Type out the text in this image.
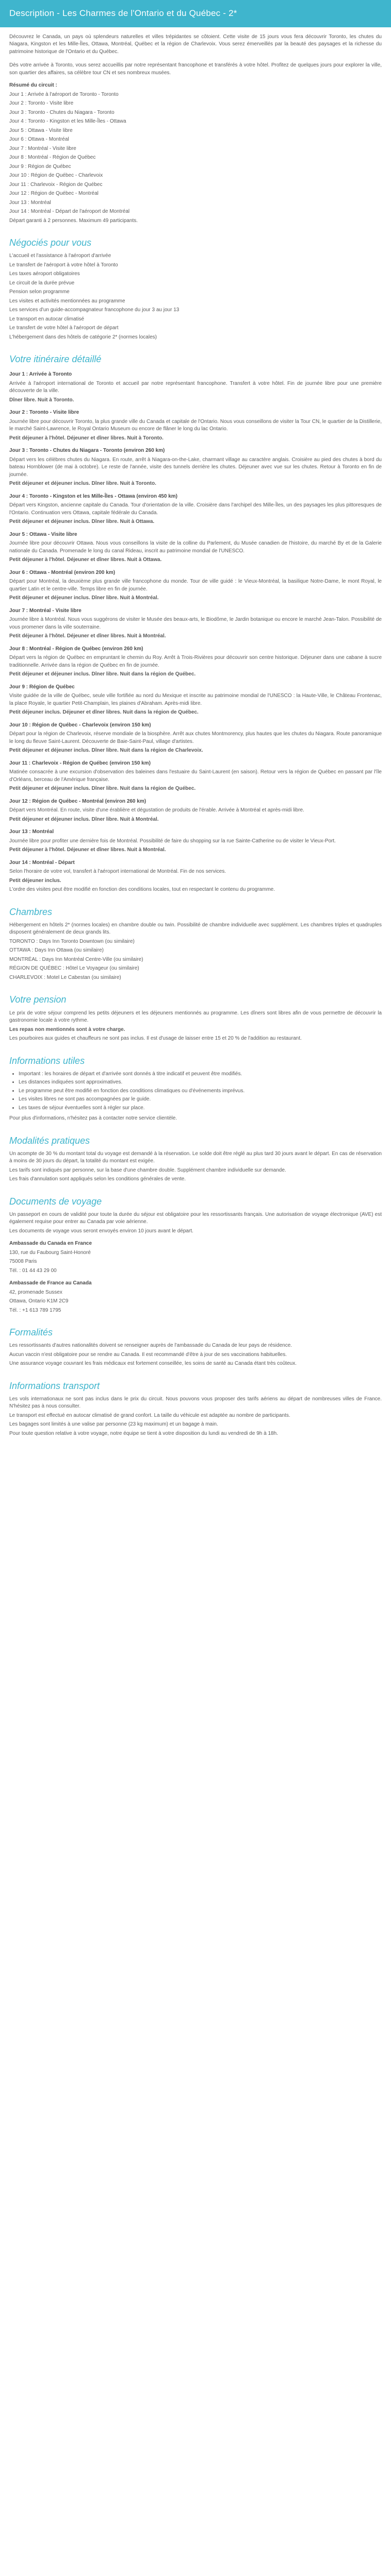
Description - Les Charmes de l'Ontario et du Québec - 2*

Découvrez le Canada, un pays où splendeurs naturelles et villes trépidantes se côtoient. Cette visite de 15 jours vous fera découvrir Toronto, les chutes du Niagara, Kingston et les Mille-Îles, Ottawa, Montréal, Québec et la région de Charlevoix. Vous serez émerveillés par la beauté des paysages et la richesse du patrimoine historique de l'Ontario et du Québec.

Dès votre arrivée à Toronto, vous serez accueillis par notre représentant francophone et transférés à votre hôtel. Profitez de quelques jours pour explorer la ville, son quartier des affaires, sa célèbre tour CN et ses nombreux musées.

Résumé du circuit :

Jour 1 : Arrivée à l'aéroport de Toronto - Toronto

Jour 2 : Toronto - Visite libre

Jour 3 : Toronto - Chutes du Niagara - Toronto

Jour 4 : Toronto - Kingston et les Mille-Îles - Ottawa

Jour 5 : Ottawa - Visite libre

Jour 6 : Ottawa - Montréal

Jour 7 : Montréal - Visite libre

Jour 8 : Montréal - Région de Québec

Jour 9 : Région de Québec

Jour 10 : Région de Québec - Charlevoix

Jour 11 : Charlevoix - Région de Québec

Jour 12 : Région de Québec - Montréal

Jour 13 : Montréal

Jour 14 : Montréal - Départ de l'aéroport de Montréal

Départ garanti à 2 personnes. Maximum 49 participants.

Négociés pour vous

L'accueil et l'assistance à l'aéroport d'arrivée

Le transfert de l'aéroport à votre hôtel à Toronto

Les taxes aéroport obligatoires

Le circuit de la durée prévue

Pension selon programme

Les visites et activités mentionnées au programme

Les services d'un guide-accompagnateur francophone du jour 3 au jour 13

Le transport en autocar climatisé

Le transfert de votre hôtel à l'aéroport de départ

L'hébergement dans des hôtels de catégorie 2* (normes locales)

Votre itinéraire détaillé
Jour 1 : Arrivée à Toronto

Arrivée à l'aéroport international de Toronto et accueil par notre représentant francophone. Transfert à votre hôtel. Fin de journée libre pour une première découverte de la ville.

Dîner libre. Nuit à Toronto.

Jour 2 : Toronto - Visite libre

Journée libre pour découvrir Toronto, la plus grande ville du Canada et capitale de l'Ontario. Nous vous conseillons de visiter la Tour CN, le quartier de la Distillerie, le marché Saint-Lawrence, le Royal Ontario Museum ou encore de flâner le long du lac Ontario.

Petit déjeuner à l'hôtel. Déjeuner et dîner libres. Nuit à Toronto.

Jour 3 : Toronto - Chutes du Niagara - Toronto (environ 260 km)

Départ vers les célèbres chutes du Niagara. En route, arrêt à Niagara-on-the-Lake, charmant village au caractère anglais. Croisière au pied des chutes à bord du bateau Hornblower (de mai à octobre). Le reste de l'année, visite des tunnels derrière les chutes. Déjeuner avec vue sur les chutes. Retour à Toronto en fin de journée.

Petit déjeuner et déjeuner inclus. Dîner libre. Nuit à Toronto.

Jour 4 : Toronto - Kingston et les Mille-Îles - Ottawa (environ 450 km)

Départ vers Kingston, ancienne capitale du Canada. Tour d'orientation de la ville. Croisière dans l'archipel des Mille-Îles, un des paysages les plus pittoresques de l'Ontario. Continuation vers Ottawa, capitale fédérale du Canada.

Petit déjeuner et déjeuner inclus. Dîner libre. Nuit à Ottawa.

Jour 5 : Ottawa - Visite libre

Journée libre pour découvrir Ottawa. Nous vous conseillons la visite de la colline du Parlement, du Musée canadien de l'histoire, du marché By et de la Galerie nationale du Canada. Promenade le long du canal Rideau, inscrit au patrimoine mondial de l'UNESCO.

Petit déjeuner à l'hôtel. Déjeuner et dîner libres. Nuit à Ottawa.

Jour 6 : Ottawa - Montréal (environ 200 km)

Départ pour Montréal, la deuxième plus grande ville francophone du monde. Tour de ville guidé : le Vieux-Montréal, la basilique Notre-Dame, le mont Royal, le quartier Latin et le centre-ville. Temps libre en fin de journée.

Petit déjeuner et déjeuner inclus. Dîner libre. Nuit à Montréal.

Jour 7 : Montréal - Visite libre

Journée libre à Montréal. Nous vous suggérons de visiter le Musée des beaux-arts, le Biodôme, le Jardin botanique ou encore le marché Jean-Talon. Possibilité de vous promener dans la ville souterraine.

Petit déjeuner à l'hôtel. Déjeuner et dîner libres. Nuit à Montréal.

Jour 8 : Montréal - Région de Québec (environ 260 km)

Départ vers la région de Québec en empruntant le chemin du Roy. Arrêt à Trois-Rivières pour découvrir son centre historique. Déjeuner dans une cabane à sucre traditionnelle. Arrivée dans la région de Québec en fin de journée.

Petit déjeuner et déjeuner inclus. Dîner libre. Nuit dans la région de Québec.

Jour 9 : Région de Québec

Visite guidée de la ville de Québec, seule ville fortifiée au nord du Mexique et inscrite au patrimoine mondial de l'UNESCO : la Haute-Ville, le Château Frontenac, la place Royale, le quartier Petit-Champlain, les plaines d'Abraham. Après-midi libre.

Petit déjeuner inclus. Déjeuner et dîner libres. Nuit dans la région de Québec.

Jour 10 : Région de Québec - Charlevoix (environ 150 km)

Départ pour la région de Charlevoix, réserve mondiale de la biosphère. Arrêt aux chutes Montmorency, plus hautes que les chutes du Niagara. Route panoramique le long du fleuve Saint-Laurent. Découverte de Baie-Saint-Paul, village d'artistes.

Petit déjeuner et déjeuner inclus. Dîner libre. Nuit dans la région de Charlevoix.

Jour 11 : Charlevoix - Région de Québec (environ 150 km)

Matinée consacrée à une excursion d'observation des baleines dans l'estuaire du Saint-Laurent (en saison). Retour vers la région de Québec en passant par l'île d'Orléans, berceau de l'Amérique française.

Petit déjeuner et déjeuner inclus. Dîner libre. Nuit dans la région de Québec.

Jour 12 : Région de Québec - Montréal (environ 260 km)

Départ vers Montréal. En route, visite d'une érablière et dégustation de produits de l'érable. Arrivée à Montréal et après-midi libre.

Petit déjeuner et déjeuner inclus. Dîner libre. Nuit à Montréal.

Jour 13 : Montréal

Journée libre pour profiter une dernière fois de Montréal. Possibilité de faire du shopping sur la rue Sainte-Catherine ou de visiter le Vieux-Port.

Petit déjeuner à l'hôtel. Déjeuner et dîner libres. Nuit à Montréal.

Jour 14 : Montréal - Départ

Selon l'horaire de votre vol, transfert à l'aéroport international de Montréal. Fin de nos services.

Petit déjeuner inclus.

L'ordre des visites peut être modifié en fonction des conditions locales, tout en respectant le contenu du programme.

Chambres

Hébergement en hôtels 2* (normes locales) en chambre double ou twin. Possibilité de chambre individuelle avec supplément. Les chambres triples et quadruples disposent généralement de deux grands lits.

TORONTO : Days Inn Toronto Downtown (ou similaire)

OTTAWA : Days Inn Ottawa (ou similaire)

MONTRÉAL : Days Inn Montréal Centre-Ville (ou similaire)

RÉGION DE QUÉBEC : Hôtel Le Voyageur (ou similaire)

CHARLEVOIX : Motel Le Cabestan (ou similaire)

Votre pension

Le prix de votre séjour comprend les petits déjeuners et les déjeuners mentionnés au programme. Les dîners sont libres afin de vous permettre de découvrir la gastronomie locale à votre rythme.

Les repas non mentionnés sont à votre charge.

Les pourboires aux guides et chauffeurs ne sont pas inclus. Il est d'usage de laisser entre 15 et 20 % de l'addition au restaurant.

Informations utiles
• Important : les horaires de départ et d'arrivée sont donnés à titre indicatif et peuvent être modifiés.
• Les distances indiquées sont approximatives.
• Le programme peut être modifié en fonction des conditions climatiques ou d'événements imprévus.
• Les visites libres ne sont pas accompagnées par le guide.
• Les taxes de séjour éventuelles sont à régler sur place.

Pour plus d'informations, n'hésitez pas à contacter notre service clientèle.

Modalités pratiques

Un acompte de 30 % du montant total du voyage est demandé à la réservation. Le solde doit être réglé au plus tard 30 jours avant le départ. En cas de réservation à moins de 30 jours du départ, la totalité du montant est exigée.

Les tarifs sont indiqués par personne, sur la base d'une chambre double. Supplément chambre individuelle sur demande.

Les frais d'annulation sont appliqués selon les conditions générales de vente.

Documents de voyage

Un passeport en cours de validité pour toute la durée du séjour est obligatoire pour les ressortissants français. Une autorisation de voyage électronique (AVE) est également requise pour entrer au Canada par voie aérienne.

Les documents de voyage vous seront envoyés environ 10 jours avant le départ.

Ambassade du Canada en France

130, rue du Faubourg Saint-Honoré

75008 Paris

Tél. : 01 44 43 29 00

Ambassade de France au Canada

42, promenade Sussex

Ottawa, Ontario K1M 2C9

Tél. : +1 613 789 1795

Formalités

Les ressortissants d'autres nationalités doivent se renseigner auprès de l'ambassade du Canada de leur pays de résidence.

Aucun vaccin n'est obligatoire pour se rendre au Canada. Il est recommandé d'être à jour de ses vaccinations habituelles.

Une assurance voyage couvrant les frais médicaux est fortement conseillée, les soins de santé au Canada étant très coûteux.

Informations transport

Les vols internationaux ne sont pas inclus dans le prix du circuit. Nous pouvons vous proposer des tarifs aériens au départ de nombreuses villes de France. N'hésitez pas à nous consulter.

Le transport est effectué en autocar climatisé de grand confort. La taille du véhicule est adaptée au nombre de participants.

Les bagages sont limités à une valise par personne (23 kg maximum) et un bagage à main.

Pour toute question relative à votre voyage, notre équipe se tient à votre disposition du lundi au vendredi de 9h à 18h.
